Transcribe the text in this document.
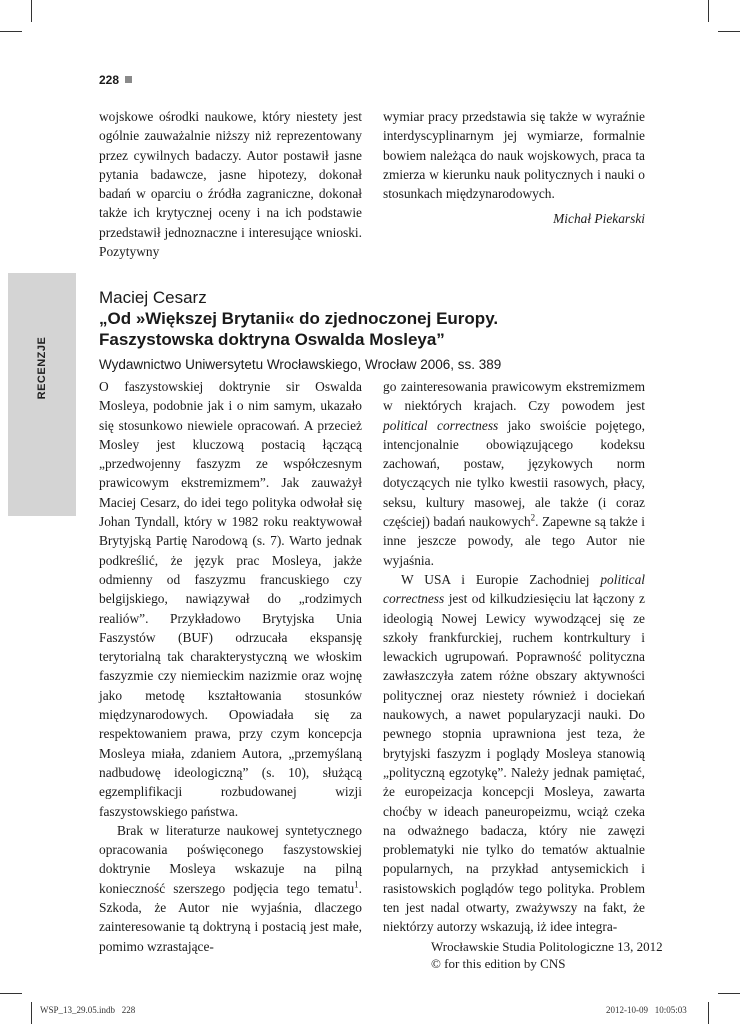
RECENZJE
228

wojskowe ośrodki naukowe, który niestety jest ogólnie zauważalnie niższy niż reprezentowany przez cywilnych badaczy. Autor postawił jasne pytania badawcze, jasne hipotezy, dokonał badań w oparciu o źródła zagraniczne, dokonał także ich krytycznej oceny i na ich podstawie przedstawił jednoznaczne i interesujące wnioski. Pozytywny

wymiar pracy przedstawia się także w wyraźnie interdyscyplinarnym jej wymiarze, formalnie bowiem należąca do nauk wojskowych, praca ta zmierza w kierunku nauk politycznych i nauki o stosunkach międzynarodowych.

Michał Piekarski
Maciej Cesarz
„Od »Większej Brytanii« do zjednoczonej Europy.
Faszystowska doktryna Oswalda Mosleya”
Wydawnictwo Uniwersytetu Wrocławskiego, Wrocław 2006, ss. 389

O faszystowskiej doktrynie sir Oswalda Mosleya, podobnie jak i o nim samym, ukazało się stosunkowo niewiele opracowań. A przecież Mosley jest kluczową postacią łączącą „przedwojenny faszyzm ze współczesnym prawicowym ekstremizmem”. Jak zauważył Maciej Cesarz, do idei tego polityka odwołał się Johan Tyndall, który w 1982 roku reaktywował Brytyjską Partię Narodową (s. 7). Warto jednak podkreślić, że język prac Mosleya, jakże odmienny od faszyzmu francuskiego czy belgijskiego, nawiązywał do „rodzimych realiów”. Przykładowo Brytyjska Unia Faszystów (BUF) odrzucała ekspansję terytorialną tak charakterystyczną we włoskim faszyzmie czy niemieckim nazizmie oraz wojnę jako metodę kształtowania stosunków międzynarodowych. Opowiadała się za respektowaniem prawa, przy czym koncepcja Mosleya miała, zdaniem Autora, „przemyślaną nadbudowę ideologiczną” (s. 10), służącą egzemplifikacji rozbudowanej wizji faszystowskiego państwa.

Brak w literaturze naukowej syntetycznego opracowania poświęconego faszystowskiej doktrynie Mosleya wskazuje na pilną konieczność szerszego podjęcia tego tematu$^1$. Szkoda, że Autor nie wyjaśnia, dlaczego zainteresowanie tą doktryną i postacią jest małe, pomimo wzrastające-

go zainteresowania prawicowym ekstremizmem w niektórych krajach. Czy powodem jest political correctness jako swoiście pojętego, intencjonalnie obowiązującego kodeksu zachowań, postaw, językowych norm dotyczących nie tylko kwestii rasowych, płacy, seksu, kultury masowej, ale także (i coraz częściej) badań naukowych$^2$. Zapewne są także i inne jeszcze powody, ale tego Autor nie wyjaśnia.

W USA i Europie Zachodniej political correctness jest od kilkudziesięciu lat łączony z ideologią Nowej Lewicy wywodzącej się ze szkoły frankfurckiej, ruchem kontrkultury i lewackich ugrupowań. Poprawność polityczna zawłaszczyła zatem różne obszary aktywności politycznej oraz niestety również i dociekań naukowych, a nawet popularyzacji nauki. Do pewnego stopnia uprawniona jest teza, że brytyjski faszyzm i poglądy Mosleya stanowią „polityczną egzotykę”. Należy jednak pamiętać, że europeizacja koncepcji Mosleya, zawarta choćby w ideach paneuropeizmu, wciąż czeka na odważnego badacza, który nie zawęzi problematyki nie tylko do tematów aktualnie popularnych, na przykład antysemickich i rasistowskich poglądów tego polityka. Problem ten jest nadal otwarty, zważywszy na fakt, że niektórzy autorzy wskazują, iż idee integra-

Wrocławskie Studia Politologiczne 13, 2012
© for this edition by CNS
WSP_13_29.05.indb   228	2012-10-09   10:05:03
